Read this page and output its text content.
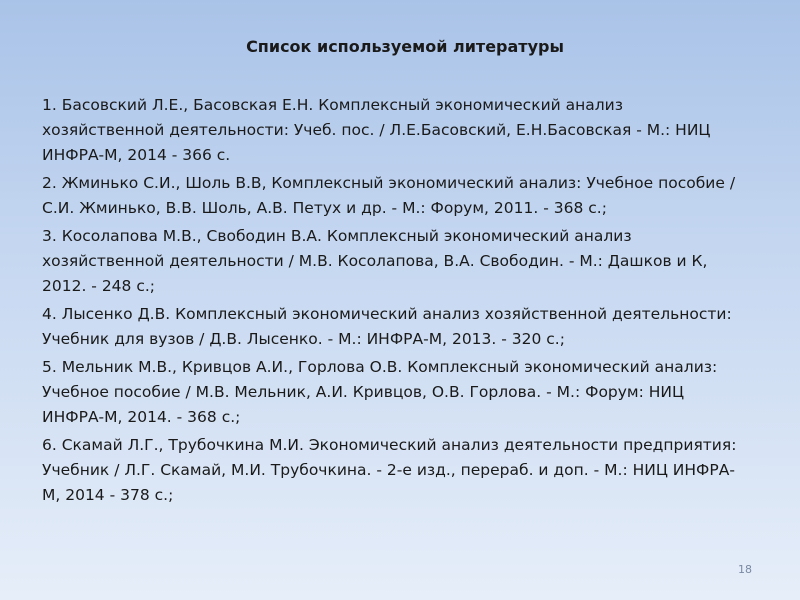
Список используемой литературы

1. Басовский Л.Е., Басовская Е.Н. Комплексный экономический анализ хозяйственной деятельности: Учеб. пос. / Л.Е.Басовский, Е.Н.Басовская - М.: НИЦ ИНФРА-М, 2014 - 366 с.

2. Жминько С.И., Шоль В.В, Комплексный экономический анализ: Учебное пособие / С.И. Жминько, В.В. Шоль, А.В. Петух и др. - М.: Форум, 2011. - 368 с.;

3. Косолапова М.В., Свободин В.А. Комплексный экономический анализ хозяйственной деятельности / М.В. Косолапова, В.А. Свободин. - М.: Дашков и К, 2012. - 248 с.;

4. Лысенко Д.В. Комплексный экономический анализ хозяйственной деятельности: Учебник для вузов / Д.В. Лысенко. - М.: ИНФРА-М, 2013. - 320 с.;

5. Мельник М.В., Кривцов А.И., Горлова О.В. Комплексный экономический анализ: Учебное пособие / М.В. Мельник, А.И. Кривцов, О.В. Горлова. - М.: Форум: НИЦ ИНФРА-М, 2014. - 368 с.;

6. Скамай Л.Г., Трубочкина М.И. Экономический анализ деятельности предприятия: Учебник / Л.Г. Скамай, М.И. Трубочкина. - 2-е изд., перераб. и доп. - М.: НИЦ ИНФРА-М, 2014 - 378 с.;

18
